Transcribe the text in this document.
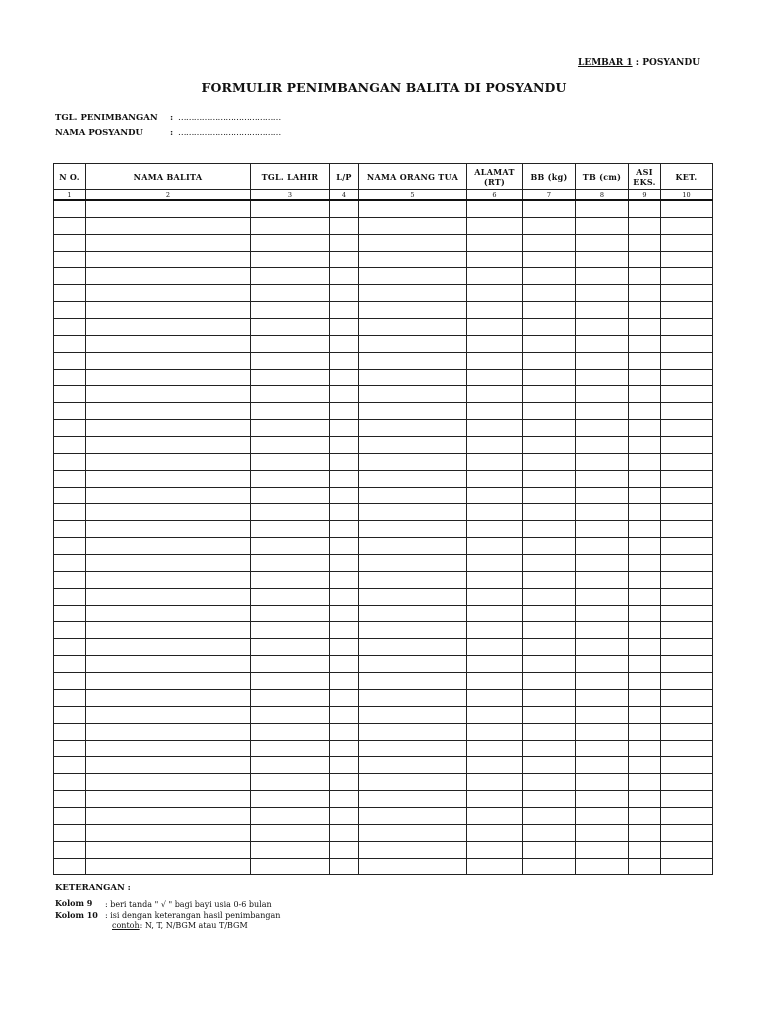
LEMBAR 1 : POSYANDU
FORMULIR PENIMBANGAN BALITA DI POSYANDU
TGL. PENIMBANGAN : …………………………………
NAMA POSYANDU	: …………………………………
N O.	NAMA BALITA	TGL. LAHIR	L/P	NAMA ORANG TUA	ALAMAT (RT)	BB (kg)	TB (cm)	ASI EKS.	KET.
1	2	3	4	5	6	7	8	9	10

KETERANGAN :
Kolom 9 : beri tanda " √ " bagi bayi usia 0-6 bulan
Kolom 10 : isi dengan keterangan hasil penimbangan
contoh: N, T, N/BGM atau T/BGM
